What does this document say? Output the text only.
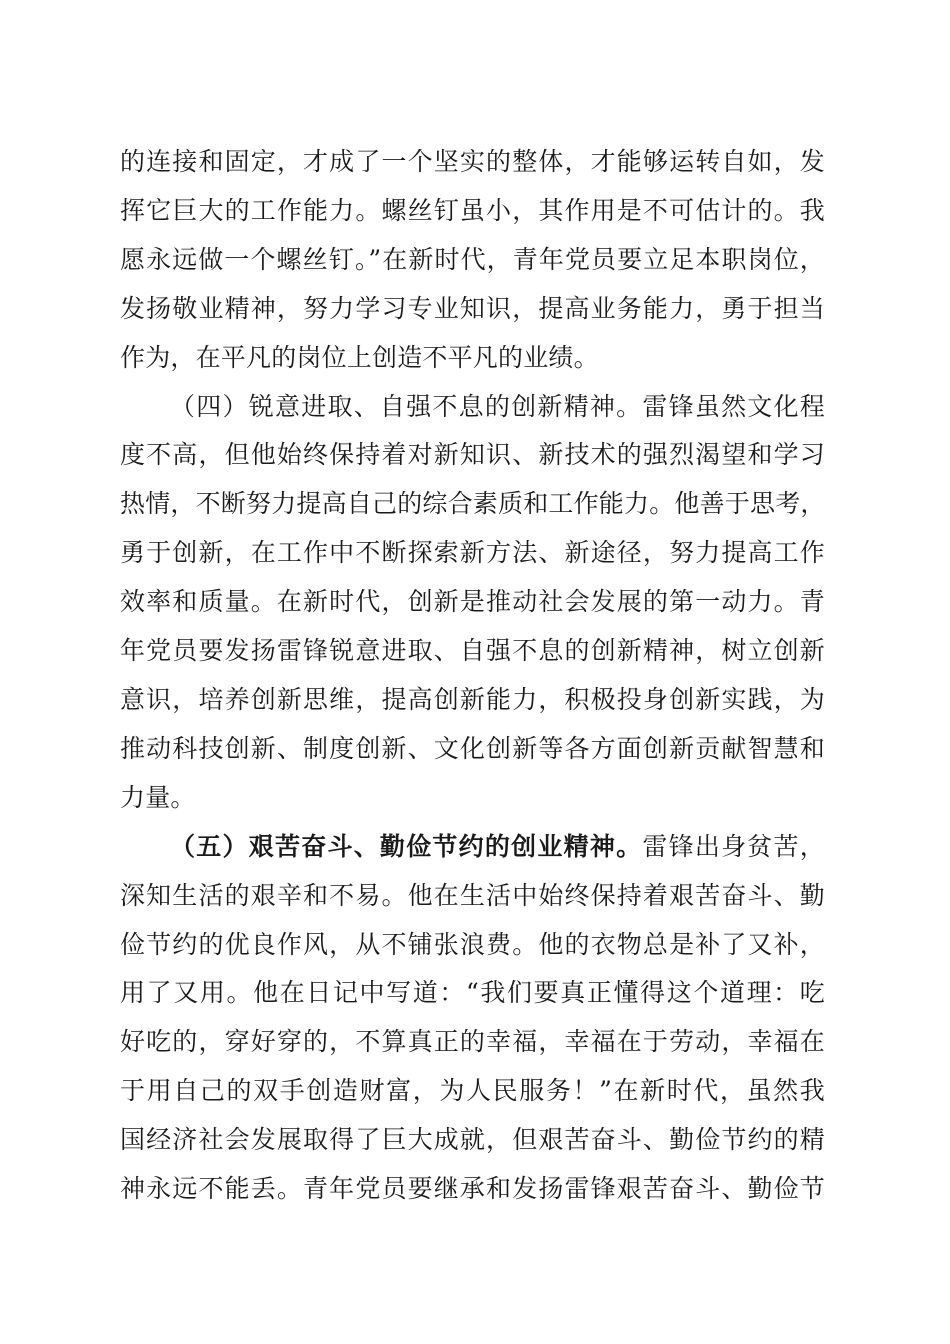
的连接和固定，才成了一个坚实的整体，才能够运转自如，发
挥它巨大的工作能力。螺丝钉虽小，其作用是不可估计的。我
愿永远做一个螺丝钉。”在新时代，青年党员要立足本职岗位，
发扬敬业精神，努力学习专业知识，提高业务能力，勇于担当
作为，在平凡的岗位上创造不平凡的业绩。
（四）锐意进取、自强不息的创新精神。雷锋虽然文化程
度不高，但他始终保持着对新知识、新技术的强烈渴望和学习
热情，不断努力提高自己的综合素质和工作能力。他善于思考，
勇于创新，在工作中不断探索新方法、新途径，努力提高工作
效率和质量。在新时代，创新是推动社会发展的第一动力。青
年党员要发扬雷锋锐意进取、自强不息的创新精神，树立创新
意识，培养创新思维，提高创新能力，积极投身创新实践，为
推动科技创新、制度创新、文化创新等各方面创新贡献智慧和
力量。
（五）艰苦奋斗、勤俭节约的创业精神。雷锋出身贫苦，
深知生活的艰辛和不易。他在生活中始终保持着艰苦奋斗、勤
俭节约的优良作风，从不铺张浪费。他的衣物总是补了又补，
用了又用。他在日记中写道：“我们要真正懂得这个道理：吃
好吃的，穿好穿的，不算真正的幸福，幸福在于劳动，幸福在
于用自己的双手创造财富，为人民服务！”在新时代，虽然我
国经济社会发展取得了巨大成就，但艰苦奋斗、勤俭节约的精
神永远不能丢。青年党员要继承和发扬雷锋艰苦奋斗、勤俭节
